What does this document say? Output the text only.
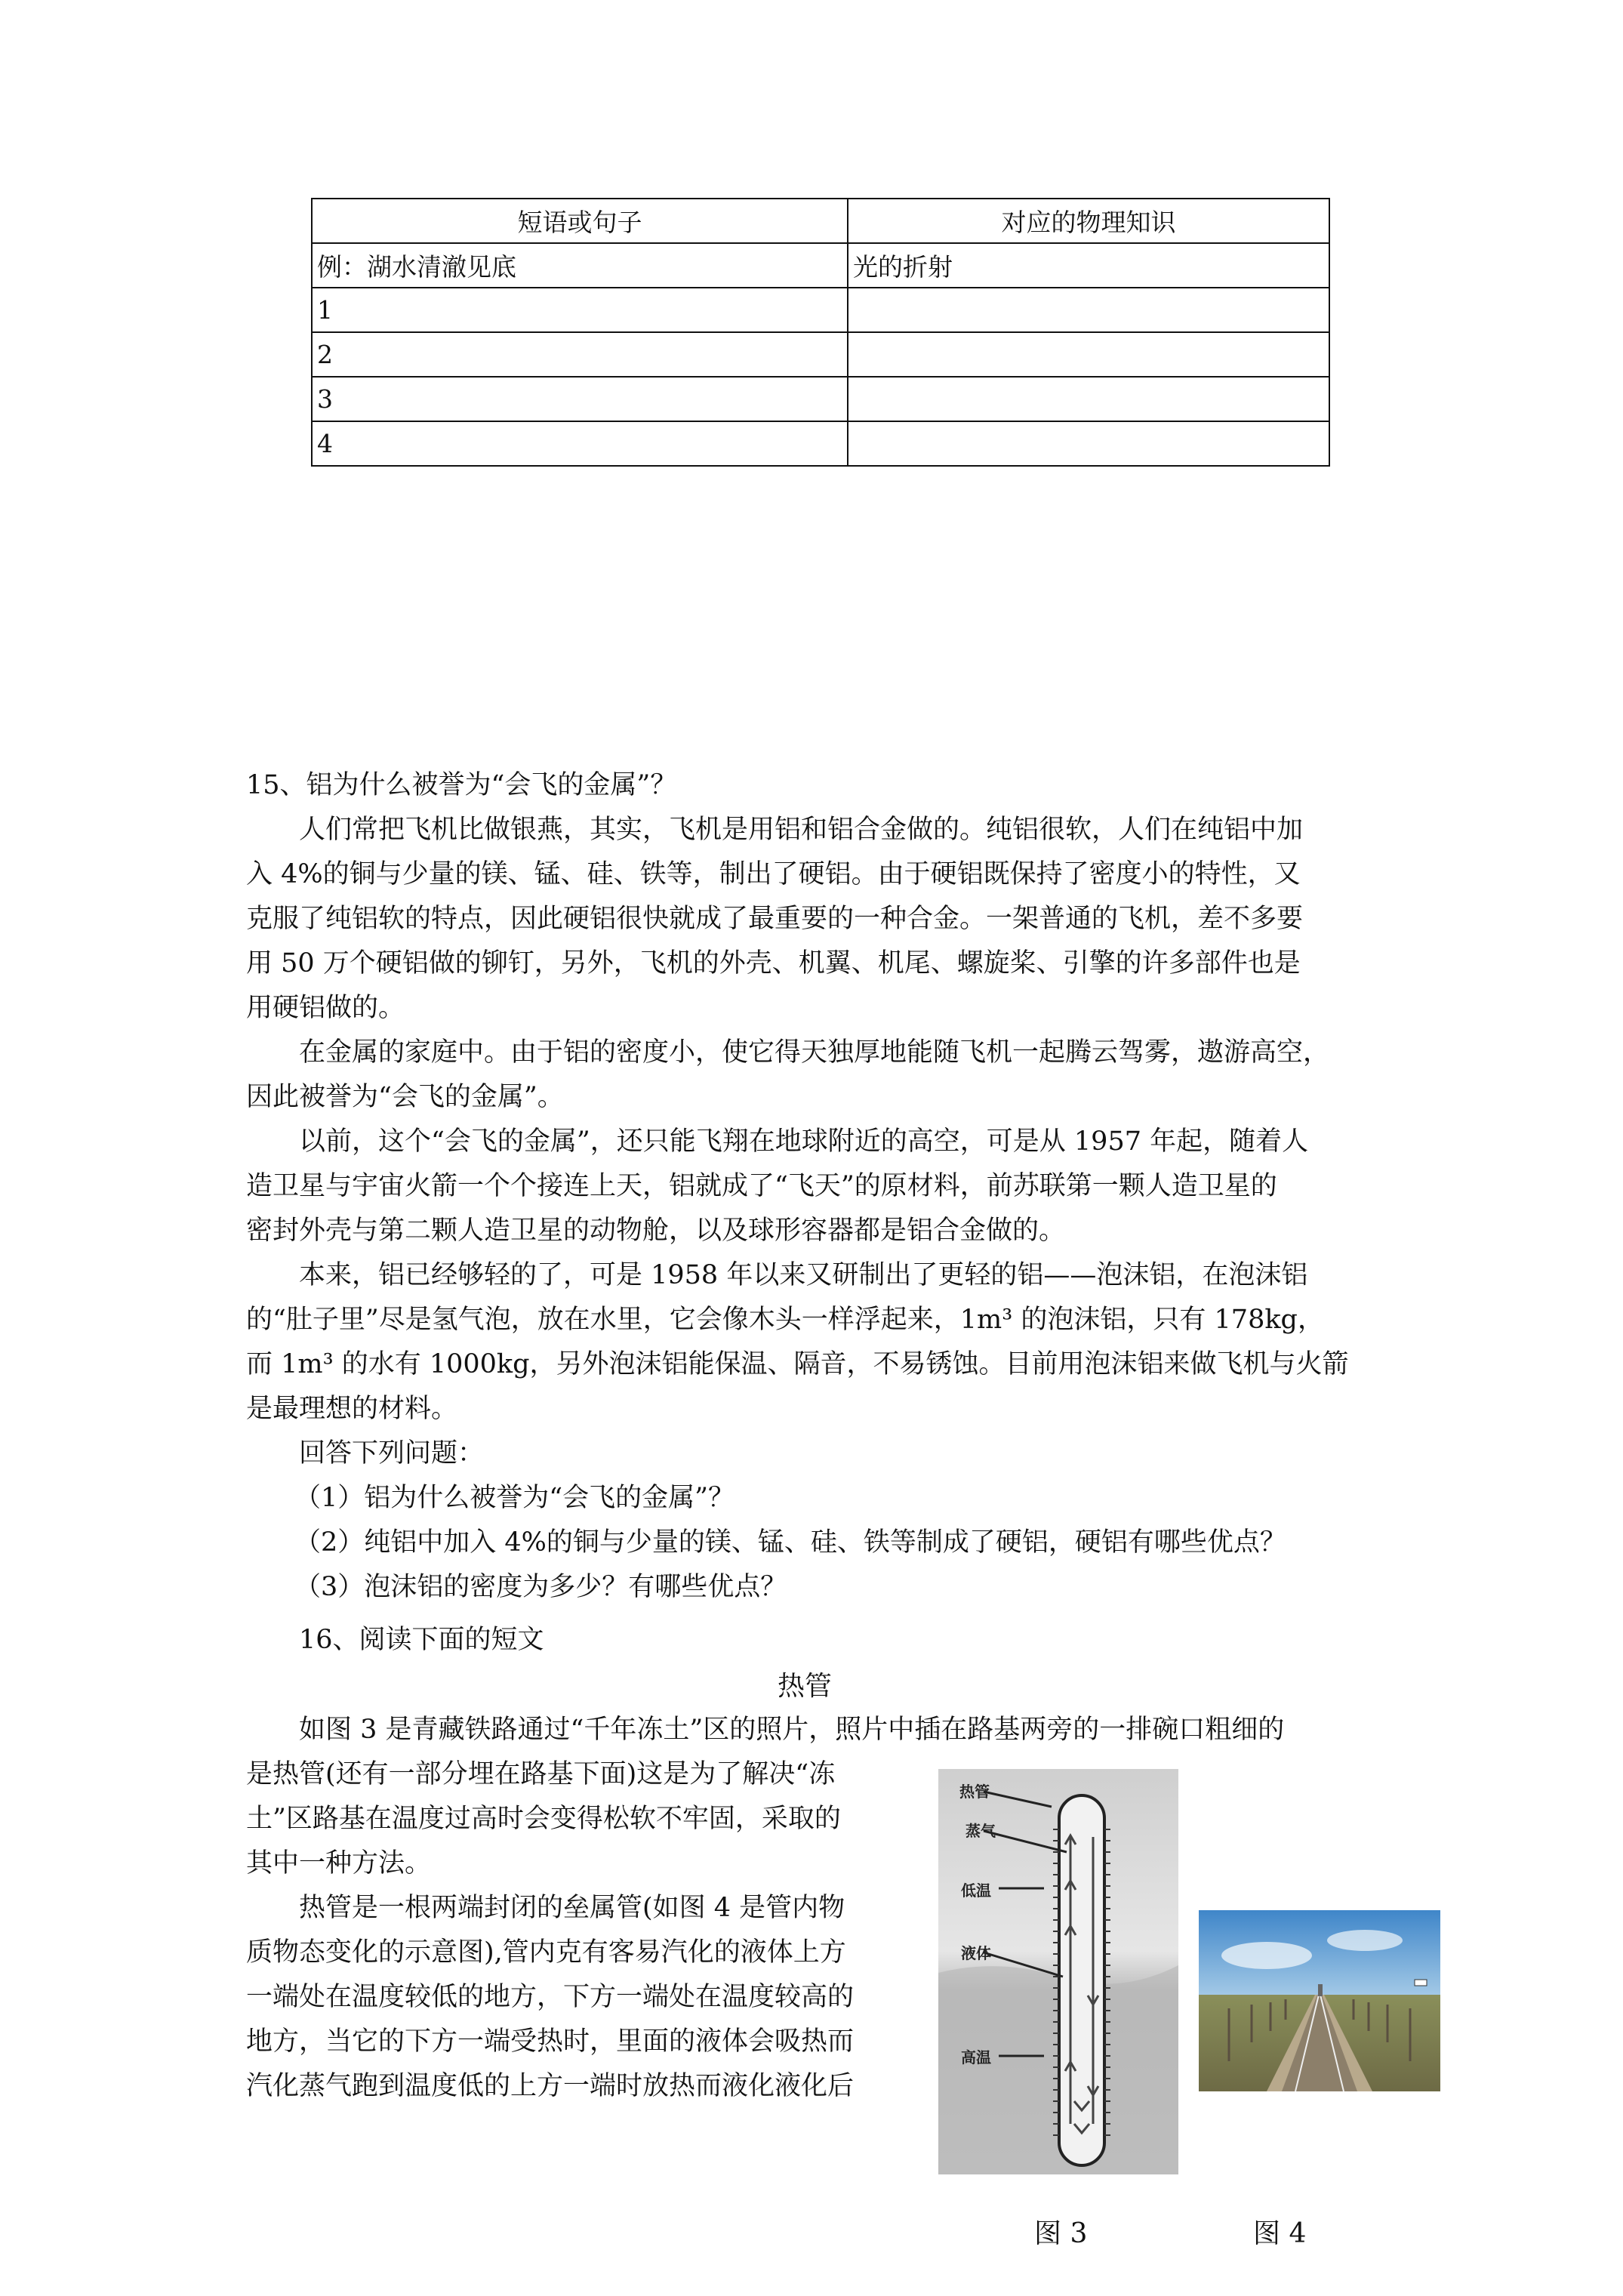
短语或句子	对应的物理知识
例：湖水清澈见底	光的折射
1	
2	
3	
4	
15、铝为什么被誉为“会飞的金属”？
人们常把飞机比做银燕，其实，飞机是用铝和铝合金做的。纯铝很软，人们在纯铝中加
入 4%的铜与少量的镁、锰、硅、铁等，制出了硬铝。由于硬铝既保持了密度小的特性，又
克服了纯铝软的特点，因此硬铝很快就成了最重要的一种合金。一架普通的飞机，差不多要
用 50 万个硬铝做的铆钉，另外，飞机的外壳、机翼、机尾、螺旋桨、引擎的许多部件也是
用硬铝做的。
在金属的家庭中。由于铝的密度小，使它得天独厚地能随飞机一起腾云驾雾，遨游高空，
因此被誉为“会飞的金属”。
以前，这个“会飞的金属”，还只能飞翔在地球附近的高空，可是从 1957 年起，随着人
造卫星与宇宙火箭一个个接连上天，铝就成了“飞天”的原材料，前苏联第一颗人造卫星的
密封外壳与第二颗人造卫星的动物舱，以及球形容器都是铝合金做的。
本来，铝已经够轻的了，可是 1958 年以来又研制出了更轻的铝——泡沫铝，在泡沫铝
的“肚子里”尽是氢气泡，放在水里，它会像木头一样浮起来，1m³ 的泡沫铝，只有 178kg，
而 1m³ 的水有 1000kg，另外泡沫铝能保温、隔音，不易锈蚀。目前用泡沫铝来做飞机与火箭
是最理想的材料。
回答下列问题：
（1）铝为什么被誉为“会飞的金属”？
（2）纯铝中加入 4%的铜与少量的镁、锰、硅、铁等制成了硬铝，硬铝有哪些优点？
（3）泡沫铝的密度为多少？有哪些优点？
16、阅读下面的短文
热管
如图 3 是青藏铁路通过“千年冻土”区的照片，照片中插在路基两旁的一排碗口粗细的
是热管(还有一部分埋在路基下面)这是为了解决“冻
土”区路基在温度过高时会变得松软不牢固，采取的
其中一种方法。
热管是一根两端封闭的垒属管(如图 4 是管内物
质物态变化的示意图),管内克有客易汽化的液体上方
一端处在温度较低的地方，下方一端处在温度较高的
地方，当它的下方一端受热时，里面的液体会吸热而
汽化蒸气跑到温度低的上方一端时放热而液化液化后
热管
蒸气
低温
液体
高温
图 3	图 4
